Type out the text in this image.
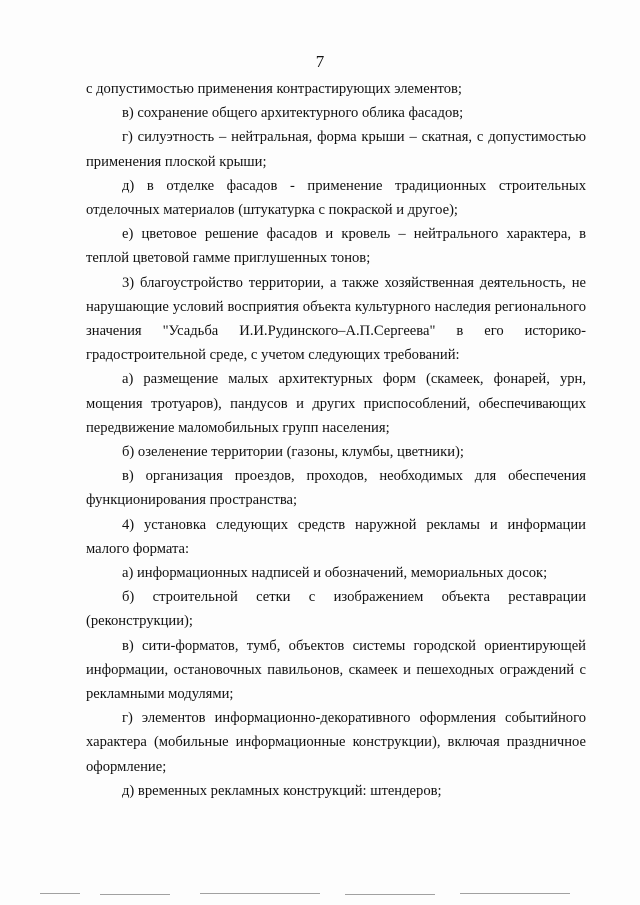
7

с допустимостью применения контрастирующих элементов;

в) сохранение общего архитектурного облика фасадов;

г) силуэтность – нейтральная, форма крыши – скатная, с допустимостью применения плоской крыши;

д) в отделке фасадов - применение традиционных строительных отделочных материалов (штукатурка с покраской и другое);

е) цветовое решение фасадов и кровель – нейтрального характера, в теплой цветовой гамме приглушенных тонов;

3) благоустройство территории, а также хозяйственная деятельность, не нарушающие условий восприятия объекта культурного наследия регионального значения "Усадьба И.И.Рудинского–А.П.Сергеева" в его историко-градостроительной среде, с учетом следующих требований:

а) размещение малых архитектурных форм (скамеек, фонарей, урн, мощения тротуаров), пандусов и других приспособлений, обеспечивающих передвижение маломобильных групп населения;

б) озеленение территории (газоны, клумбы, цветники);

в) организация проездов, проходов, необходимых для обеспечения функционирования пространства;

4) установка следующих средств наружной рекламы и информации малого формата:

а) информационных надписей и обозначений, мемориальных досок;

б) строительной сетки с изображением объекта реставрации (реконструкции);

в) сити-форматов, тумб, объектов системы городской ориентирующей информации, остановочных павильонов, скамеек и пешеходных ограждений с рекламными модулями;

г) элементов информационно-декоративного оформления событийного характера (мобильные информационные конструкции), включая праздничное оформление;

д) временных рекламных конструкций: штендеров;
